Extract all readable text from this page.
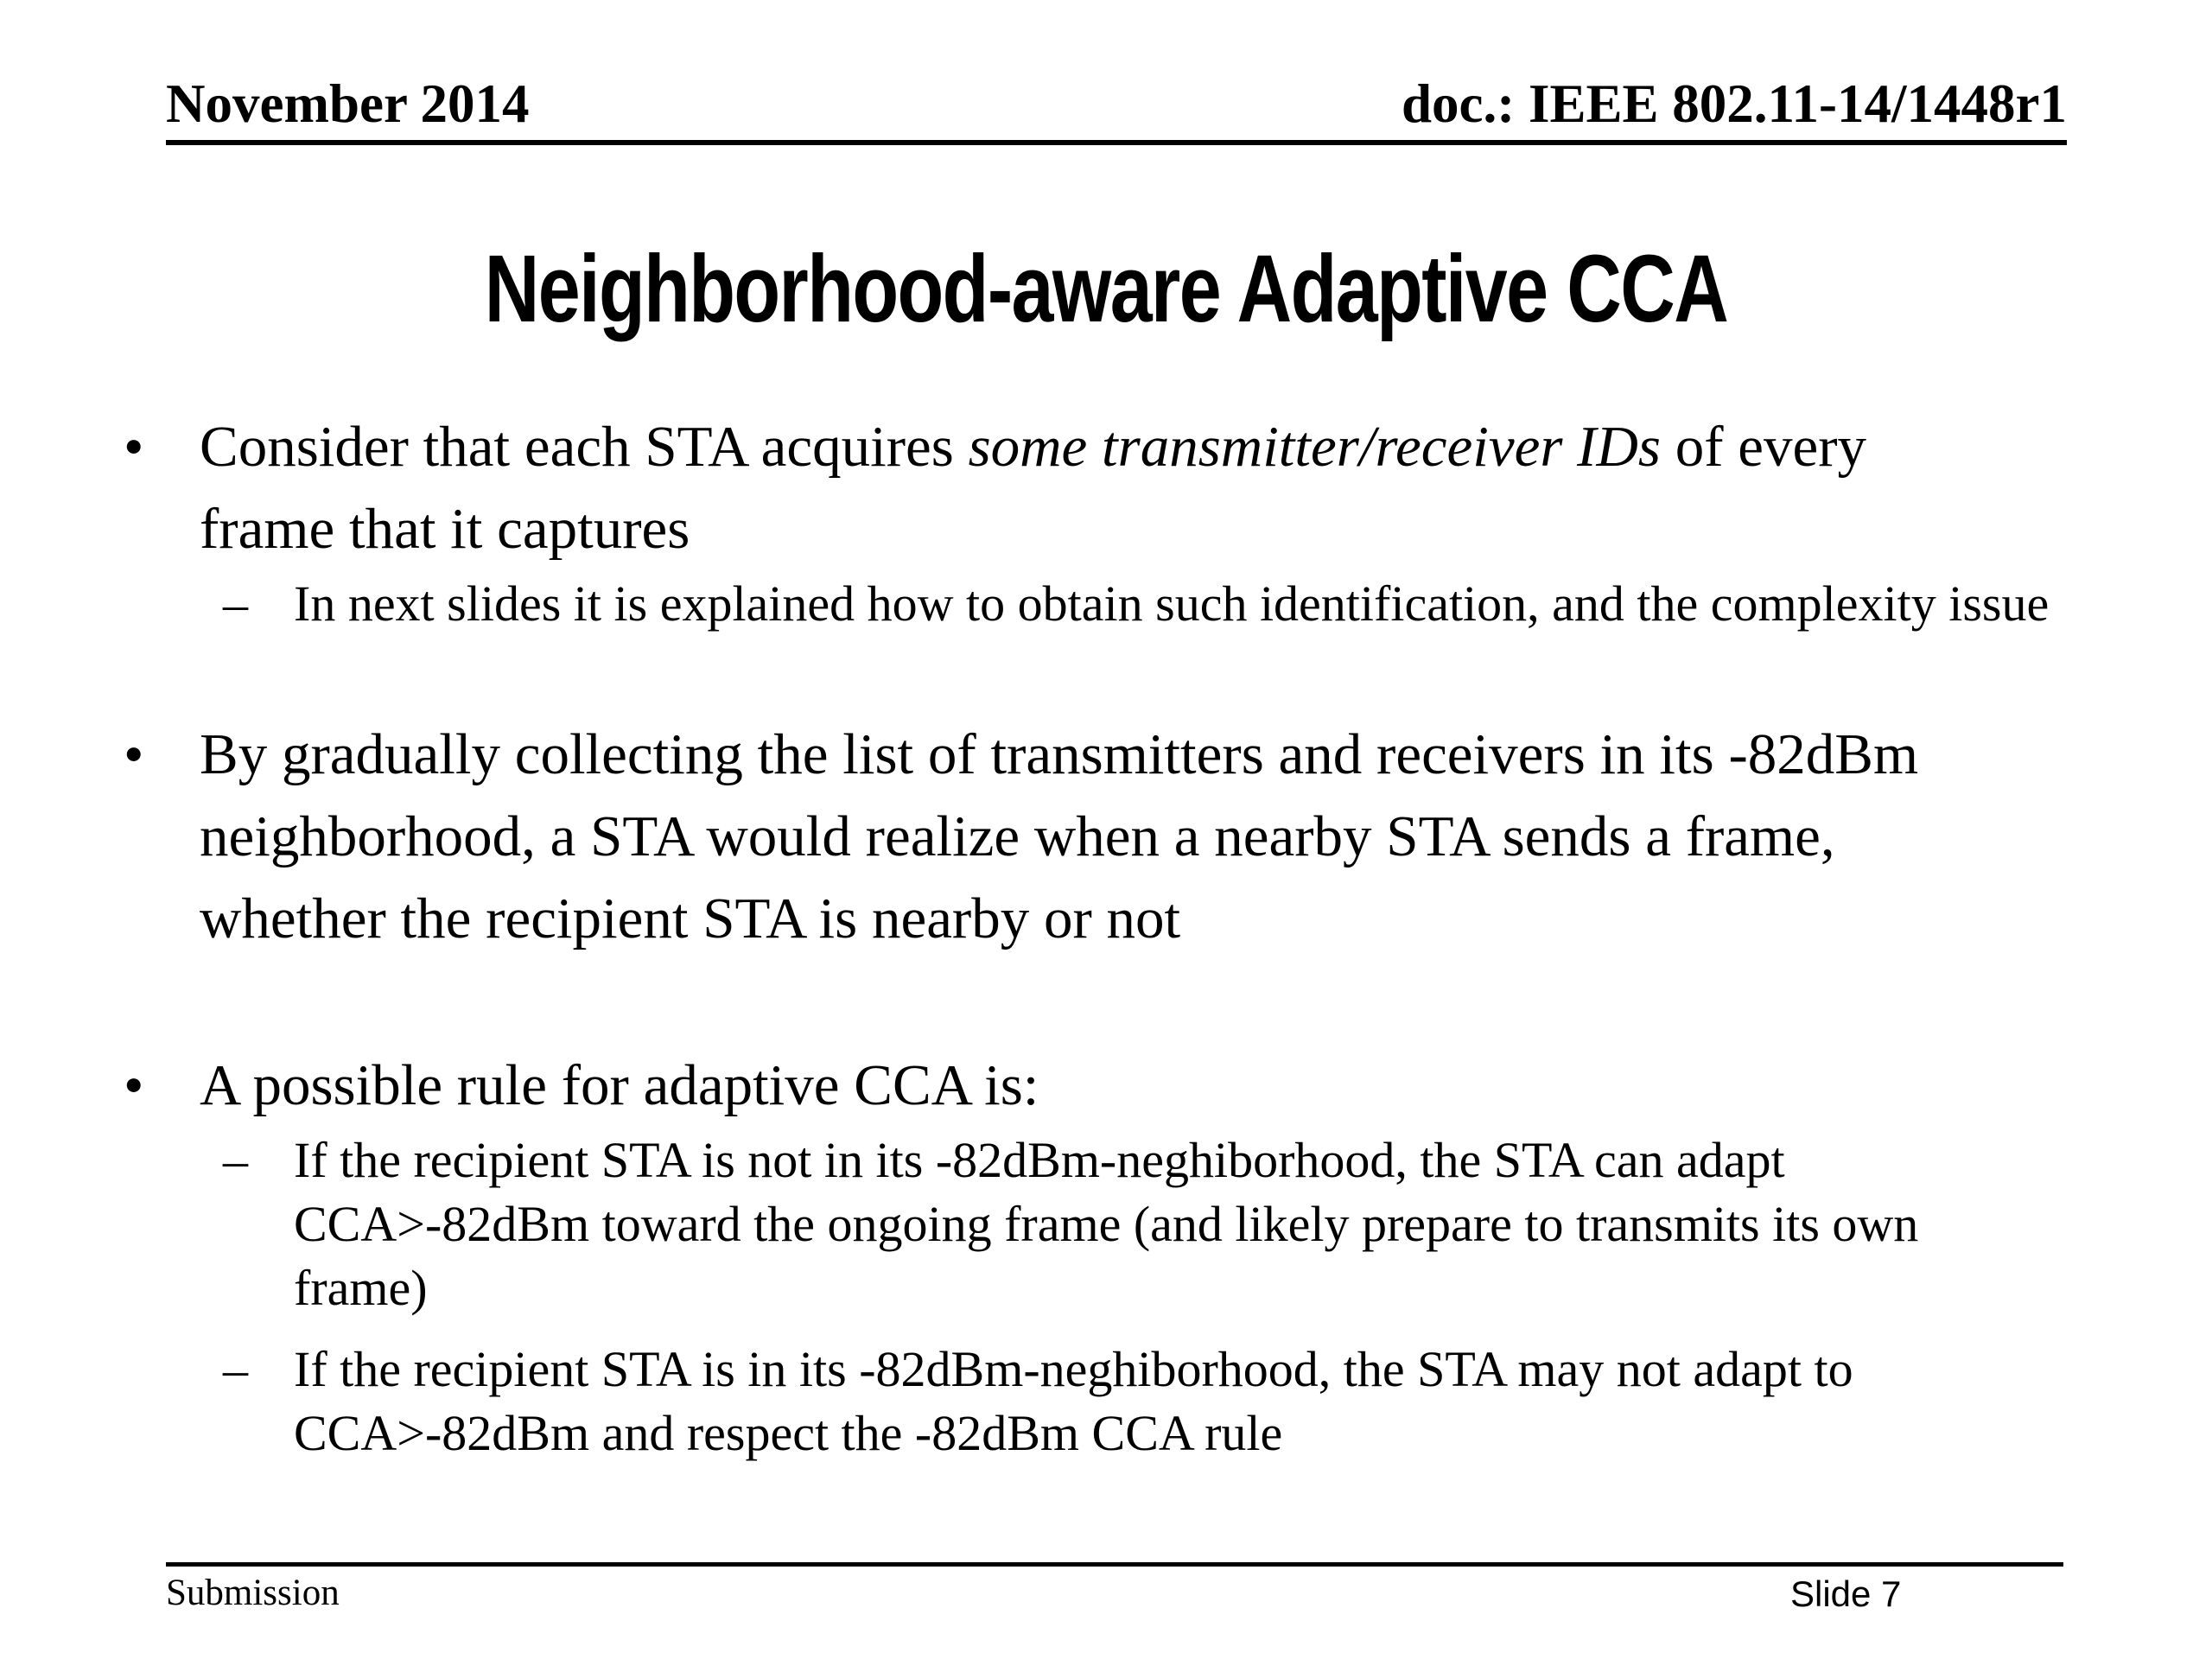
November 2014	doc.: IEEE 802.11-14/1448r1
Neighborhood-aware Adaptive CCA
• Consider that each STA acquires some transmitter/receiver IDs of every frame that it captures
– In next slides it is explained how to obtain such identification, and the complexity issue
• By gradually collecting the list of transmitters and receivers in its -82dBm neighborhood, a STA would realize when a nearby STA sends a frame, whether the recipient STA is nearby or not
• A possible rule for adaptive CCA is:
– If the recipient STA is not in its -82dBm-neghiborhood, the STA can adapt CCA>-82dBm toward the ongoing frame (and likely prepare to transmits its own frame)
– If the recipient STA is in its -82dBm-neghiborhood, the STA may not adapt to CCA>-82dBm and respect the -82dBm CCA rule
Submission	Slide 7
